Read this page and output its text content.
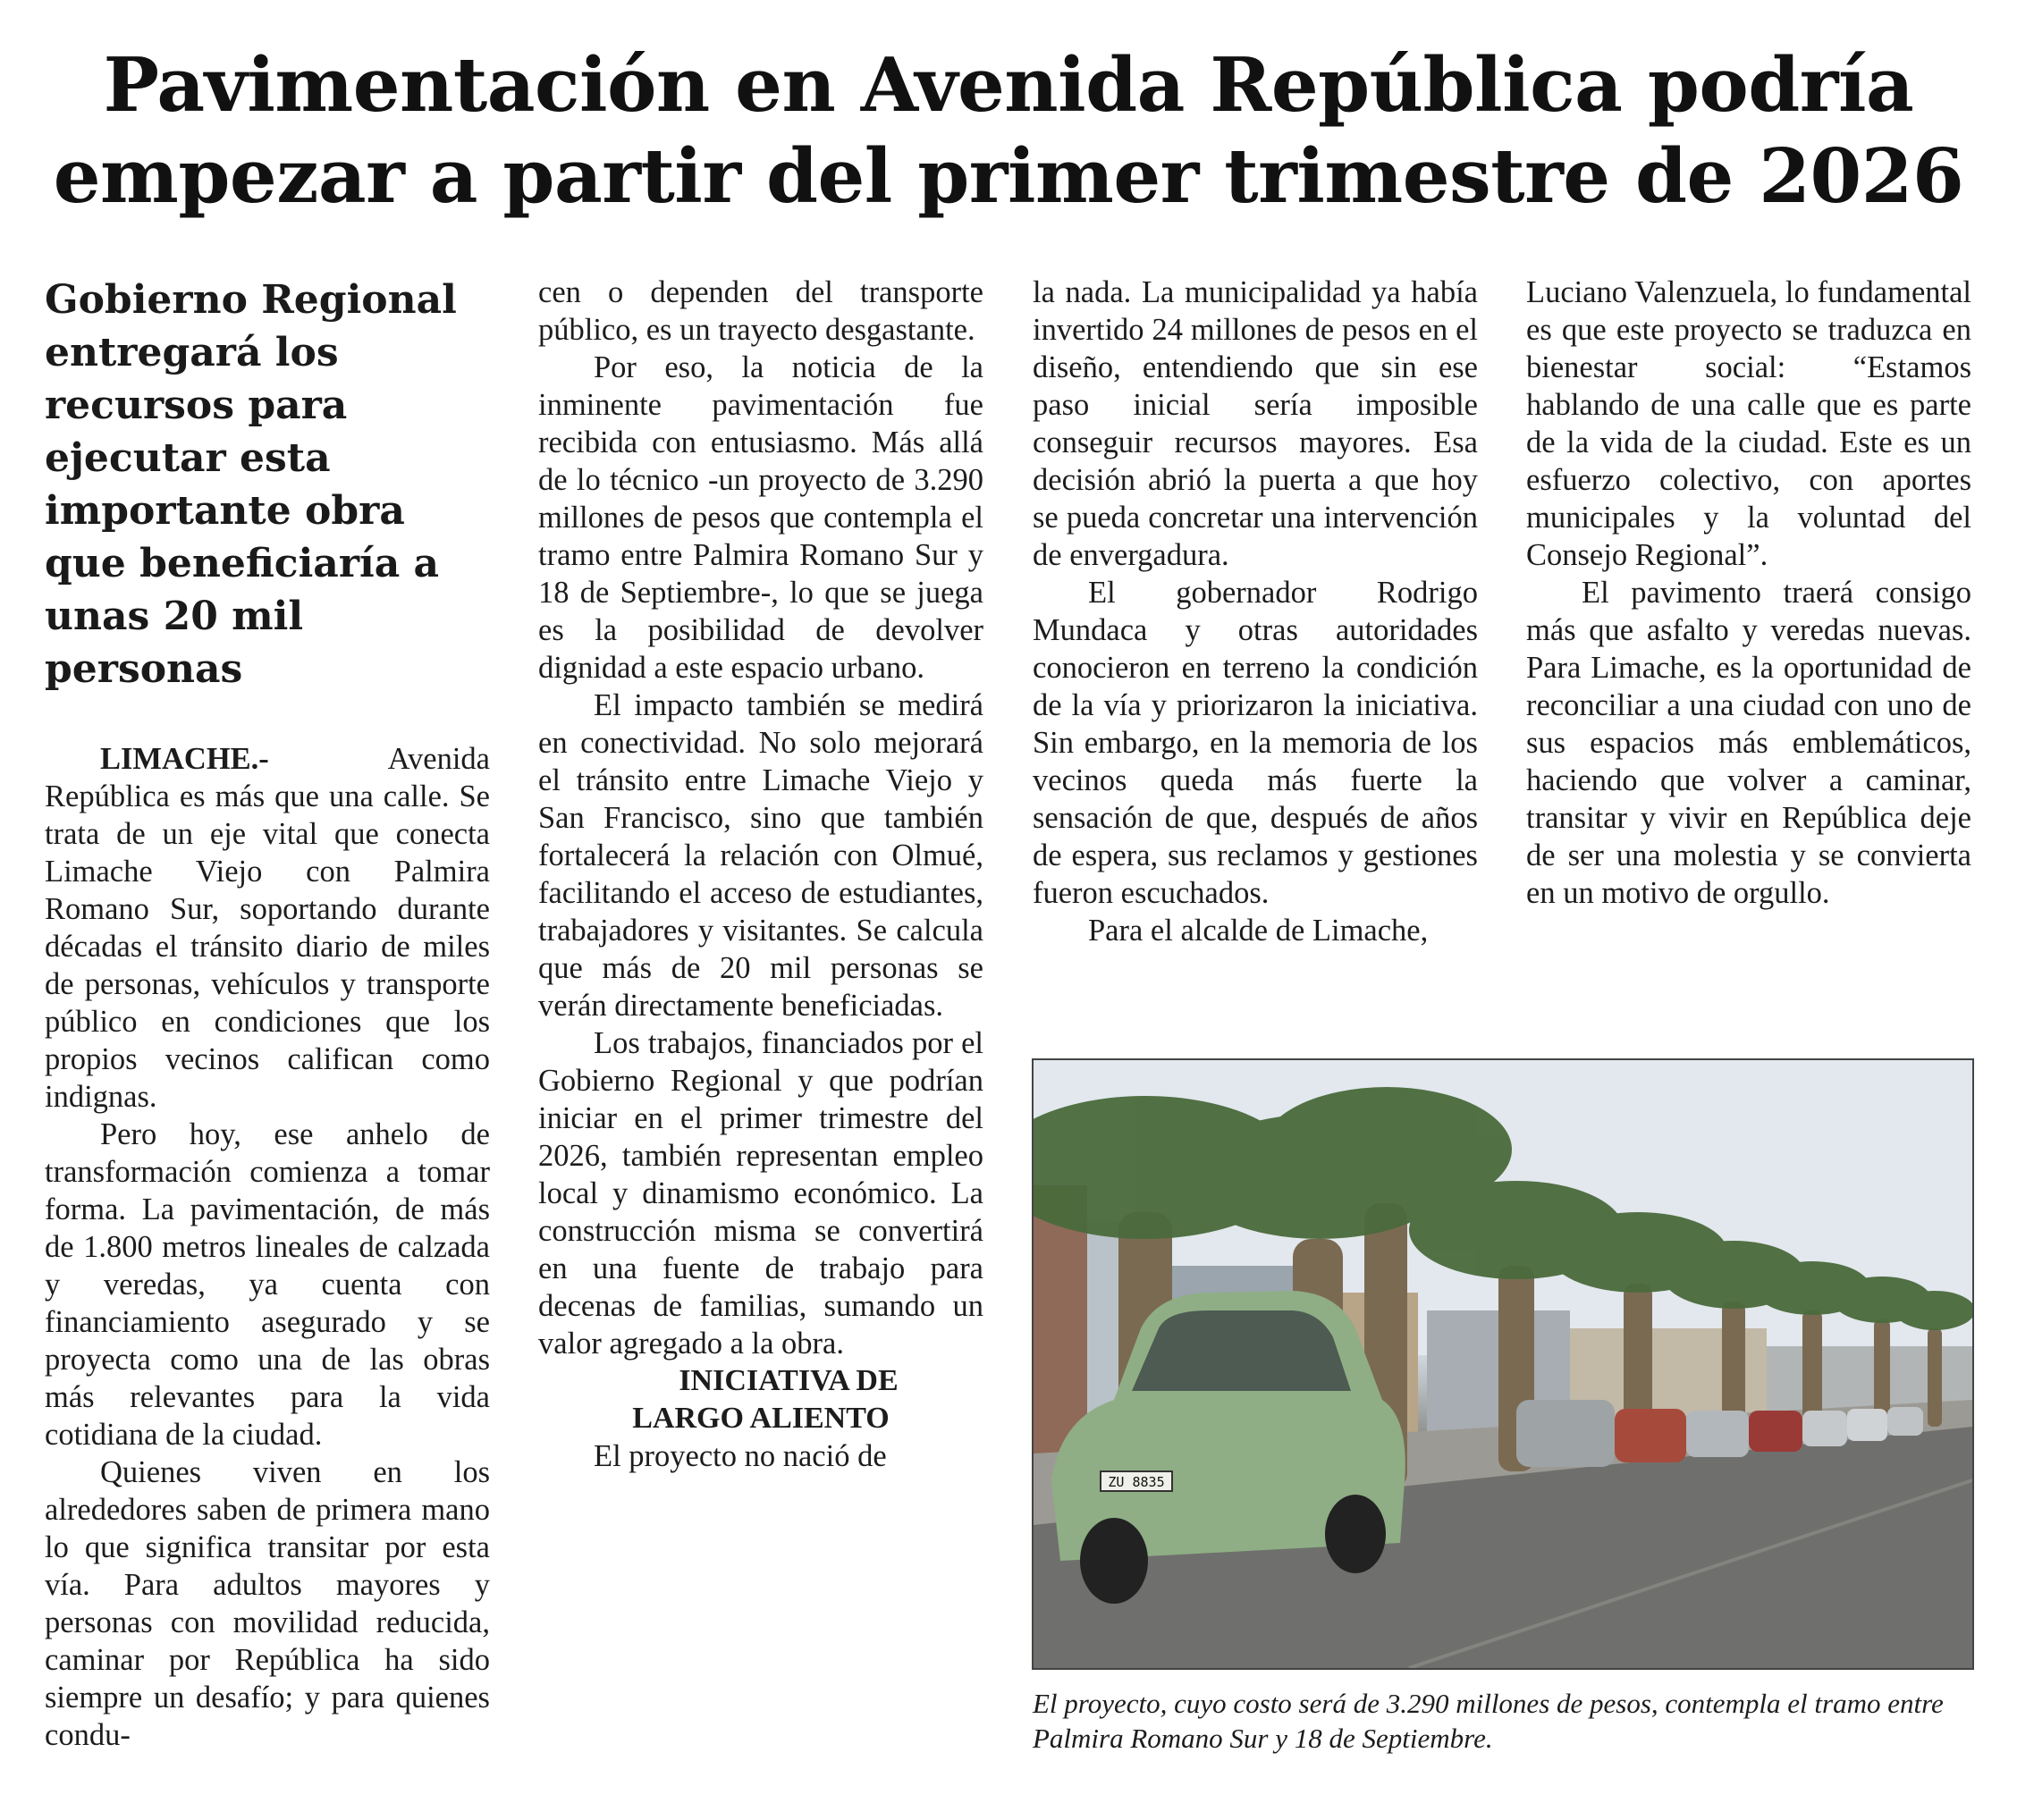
Pavimentación en Avenida República podría
empezar a partir del primer trimestre de 2026
Gobierno Regional entregará los recursos para ejecutar esta importante obra que beneficiaría a unas 20 mil personas

LIMACHE.- Avenida República es más que una calle. Se trata de un eje vital que conecta Limache Viejo con Palmira Romano Sur, soportando durante décadas el tránsito diario de miles de personas, vehículos y transporte público en condiciones que los propios vecinos califican como indignas.

Pero hoy, ese anhelo de transformación comienza a tomar forma. La pavimentación, de más de 1.800 metros lineales de calzada y veredas, ya cuenta con financiamiento asegurado y se proyecta como una de las obras más relevantes para la vida cotidiana de la ciudad.

Quienes viven en los alrededores saben de primera mano lo que significa transitar por esta vía. Para adultos mayores y personas con movilidad reducida, caminar por República ha sido siempre un desafío; y para quienes condu-

cen o dependen del transporte público, es un trayecto desgastante.

Por eso, la noticia de la inminente pavimentación fue recibida con entusiasmo. Más allá de lo técnico -un proyecto de 3.290 millones de pesos que contempla el tramo entre Palmira Romano Sur y 18 de Septiembre-, lo que se juega es la posibilidad de devolver dignidad a este espacio urbano.

El impacto también se medirá en conectividad. No solo mejorará el tránsito entre Limache Viejo y San Francisco, sino que también fortalecerá la relación con Olmué, facilitando el acceso de estudiantes, trabajadores y visitantes. Se calcula que más de 20 mil personas se verán directamente beneficiadas.

Los trabajos, financiados por el Gobierno Regional y que podrían iniciar en el primer trimestre del 2026, también representan empleo local y dinamismo económico. La construcción misma se convertirá en una fuente de trabajo para decenas de familias, sumando un valor agregado a la obra.

INICIATIVA DE
LARGO ALIENTO

El proyecto no nació de

la nada. La municipalidad ya había invertido 24 millones de pesos en el diseño, entendiendo que sin ese paso inicial sería imposible conseguir recursos mayores. Esa decisión abrió la puerta a que hoy se pueda concretar una intervención de envergadura.

El gobernador Rodrigo Mundaca y otras autoridades conocieron en terreno la condición de la vía y priorizaron la iniciativa. Sin embargo, en la memoria de los vecinos queda más fuerte la sensación de que, después de años de espera, sus reclamos y gestiones fueron escuchados.

Para el alcalde de Limache,

Luciano Valenzuela, lo fundamental es que este proyecto se traduzca en bienestar social: “Estamos hablando de una calle que es parte de la vida de la ciudad. Este es un esfuerzo colectivo, con aportes municipales y la voluntad del Consejo Regional”.

El pavimento traerá consigo más que asfalto y veredas nuevas. Para Limache, es la oportunidad de reconciliar a una ciudad con uno de sus espacios más emblemáticos, haciendo que volver a caminar, transitar y vivir en República deje de ser una molestia y se convierta en un motivo de orgullo.

ZU 8835

El proyecto, cuyo costo será de 3.290 millones de pesos, contempla el tramo entre Palmira Romano Sur y 18 de Septiembre.
